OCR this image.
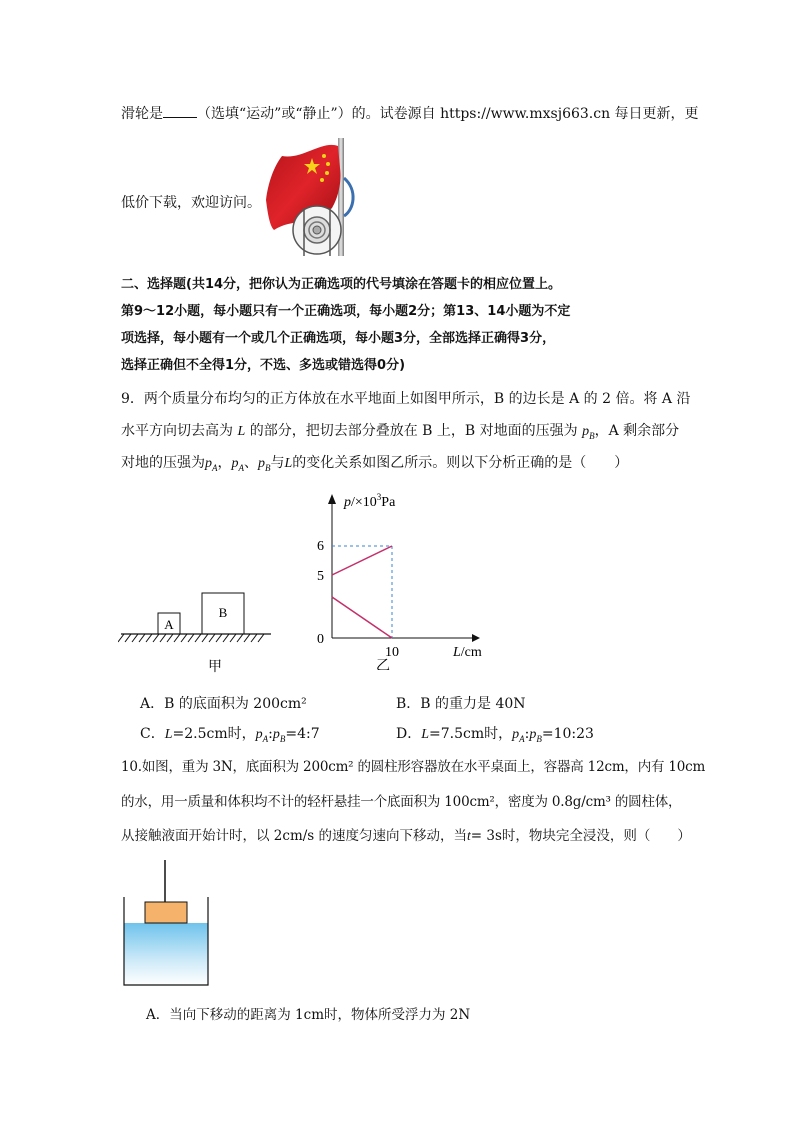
滑轮是 （选填“运动”或“静止”）的。试卷源自 https://www.mxsj663.cn 每日更新，更
低价下载，欢迎访问。
二、选择题(共14分，把你认为正确选项的代号填涂在答题卡的相应位置上。
第9～12小题，每小题只有一个正确选项，每小题2分；第13、14小题为不定
项选择，每小题有一个或几个正确选项，每小题3分，全部选择正确得3分，
选择正确但不全得1分，不选、多选或错选得0分)
9．两个质量分布均匀的正方体放在水平地面上如图甲所示，B 的边长是 A 的 2 倍。将 A 沿
水平方向切去高为 L 的部分，把切去部分叠放在 B 上，B 对地面的压强为 $p_B$，A 剩余部分
对地的压强为$p_A$，$p_A$、$p_B$与L的变化关系如图乙所示。则以下分析正确的是（　　）
A
B
甲
$p/\times 10^3Pa$
6
5
0
10	L/cm
乙
A．B 的底面积为 200cm²	B．B 的重力是 40N
C．L=2.5cm时，$p_A:p_B=4:7$	D．L=7.5cm时，$p_A:p_B=10:23$
10.如图，重为 3N，底面积为 200cm² 的圆柱形容器放在水平桌面上，容器高 12cm，内有 10cm
的水，用一质量和体积均不计的轻杆悬挂一个底面积为 100cm²，密度为 0.8g/cm³ 的圆柱体，
从接触液面开始计时，以 2cm/s 的速度匀速向下移动，当t= 3s时，物块完全浸没，则（　　）
A．当向下移动的距离为 1cm时，物体所受浮力为 2N
